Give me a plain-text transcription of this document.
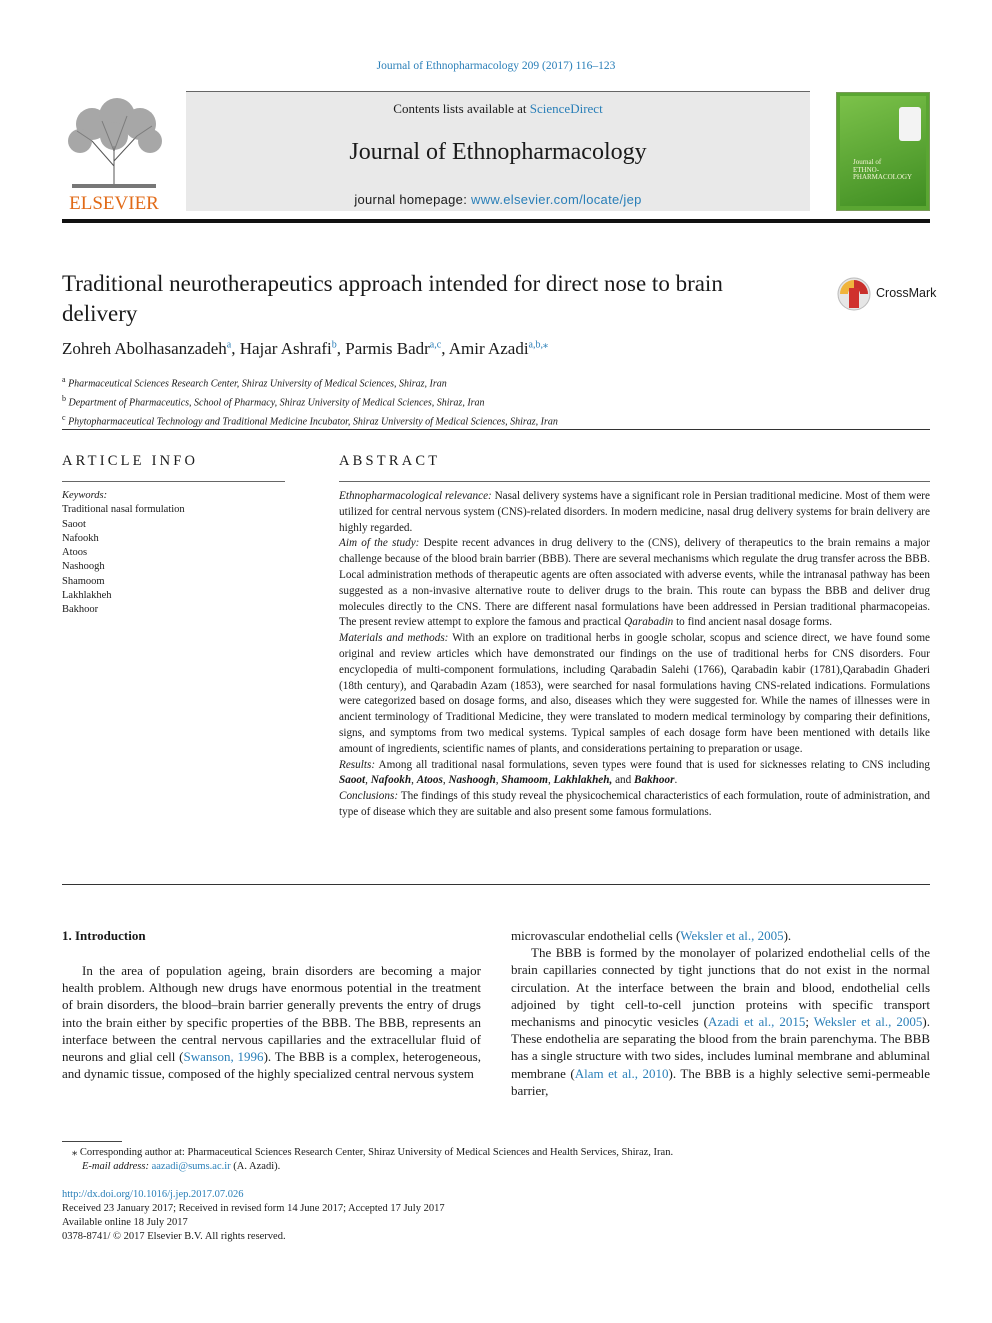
Journal of Ethnopharmacology 209 (2017) 116–123
ELSEVIER
Contents lists available at ScienceDirect
Journal of Ethnopharmacology
journal homepage: www.elsevier.com/locate/jep
Journal of
ETHNO-
PHARMACOLOGY
Traditional neurotherapeutics approach intended for direct nose to brain
delivery
CrossMark
Zohreh Abolhasanzadeh$^a$, Hajar Ashrafi$^b$, Parmis Badr$^{a,c}$, Amir Azadi$^{a,b,⁎}$
$^a$ Pharmaceutical Sciences Research Center, Shiraz University of Medical Sciences, Shiraz, Iran
$^b$ Department of Pharmaceutics, School of Pharmacy, Shiraz University of Medical Sciences, Shiraz, Iran
$^c$ Phytopharmaceutical Technology and Traditional Medicine Incubator, Shiraz University of Medical Sciences, Shiraz, Iran
ARTICLE INFO	ABSTRACT
Keywords:
Traditional nasal formulation
Saoot
Nafookh
Atoos
Nashoogh
Shamoom
Lakhlakheh
Bakhoor
Ethnopharmacological relevance: Nasal delivery systems have a significant role in Persian traditional medicine. Most of them were utilized for central nervous system (CNS)-related disorders. In modern medicine, nasal drug delivery systems for brain delivery are highly regarded.
Aim of the study: Despite recent advances in drug delivery to the (CNS), delivery of therapeutics to the brain remains a major challenge because of the blood brain barrier (BBB). There are several mechanisms which regulate the drug transfer across the BBB. Local administration methods of therapeutic agents are often associated with adverse events, while the intranasal pathway has been suggested as a non-invasive alternative route to deliver drugs to the brain. This route can bypass the BBB and deliver drug molecules directly to the CNS. There are different nasal formulations have been addressed in Persian traditional pharmacopeias. The present review attempt to explore the famous and practical Qarabadin to find ancient nasal dosage forms.
Materials and methods: With an explore on traditional herbs in google scholar, scopus and science direct, we have found some original and review articles which have demonstrated our findings on the use of traditional herbs for CNS disorders. Four encyclopedia of multi-component formulations, including Qarabadin Salehi (1766), Qarabadin kabir (1781),Qarabadin Ghaderi (18th century), and Qarabadin Azam (1853), were searched for nasal formulations having CNS-related indications. Formulations were categorized based on dosage forms, and also, diseases which they were suggested for. While the names of illnesses were in ancient terminology of Traditional Medicine, they were translated to modern medical terminology by comparing their definitions, signs, and symptoms from two medical systems. Typical samples of each dosage form have been mentioned with details like amount of ingredients, scientific names of plants, and considerations pertaining to preparation or usage.
Results: Among all traditional nasal formulations, seven types were found that is used for sicknesses relating to CNS including Saoot, Nafookh, Atoos, Nashoogh, Shamoom, Lakhlakheh, and Bakhoor.
Conclusions: The findings of this study reveal the physicochemical characteristics of each formulation, route of administration, and type of disease which they are suitable and also present some famous formulations.
1. Introduction
In the area of population ageing, brain disorders are becoming a major health problem. Although new drugs have enormous potential in the treatment of brain disorders, the blood–brain barrier generally prevents the entry of drugs into the brain either by specific properties of the BBB. The BBB, represents an interface between the central nervous capillaries and the extracellular fluid of neurons and glial cell (Swanson, 1996). The BBB is a complex, heterogeneous, and dynamic tissue, composed of the highly specialized central nervous system
microvascular endothelial cells (Weksler et al., 2005).
The BBB is formed by the monolayer of polarized endothelial cells of the brain capillaries connected by tight junctions that do not exist in the normal circulation. At the interface between the brain and blood, endothelial cells adjoined by tight cell-to-cell junction proteins with specific transport mechanisms and pinocytic vesicles (Azadi et al., 2015; Weksler et al., 2005). These endothelia are separating the blood from the brain parenchyma. The BBB has a single structure with two sides, includes luminal membrane and abluminal membrane (Alam et al., 2010). The BBB is a highly selective semi-permeable barrier,
⁎ Corresponding author at: Pharmaceutical Sciences Research Center, Shiraz University of Medical Sciences and Health Services, Shiraz, Iran.
E-mail address: aazadi@sums.ac.ir (A. Azadi).
http://dx.doi.org/10.1016/j.jep.2017.07.026
Received 23 January 2017; Received in revised form 14 June 2017; Accepted 17 July 2017
Available online 18 July 2017
0378-8741/ © 2017 Elsevier B.V. All rights reserved.
